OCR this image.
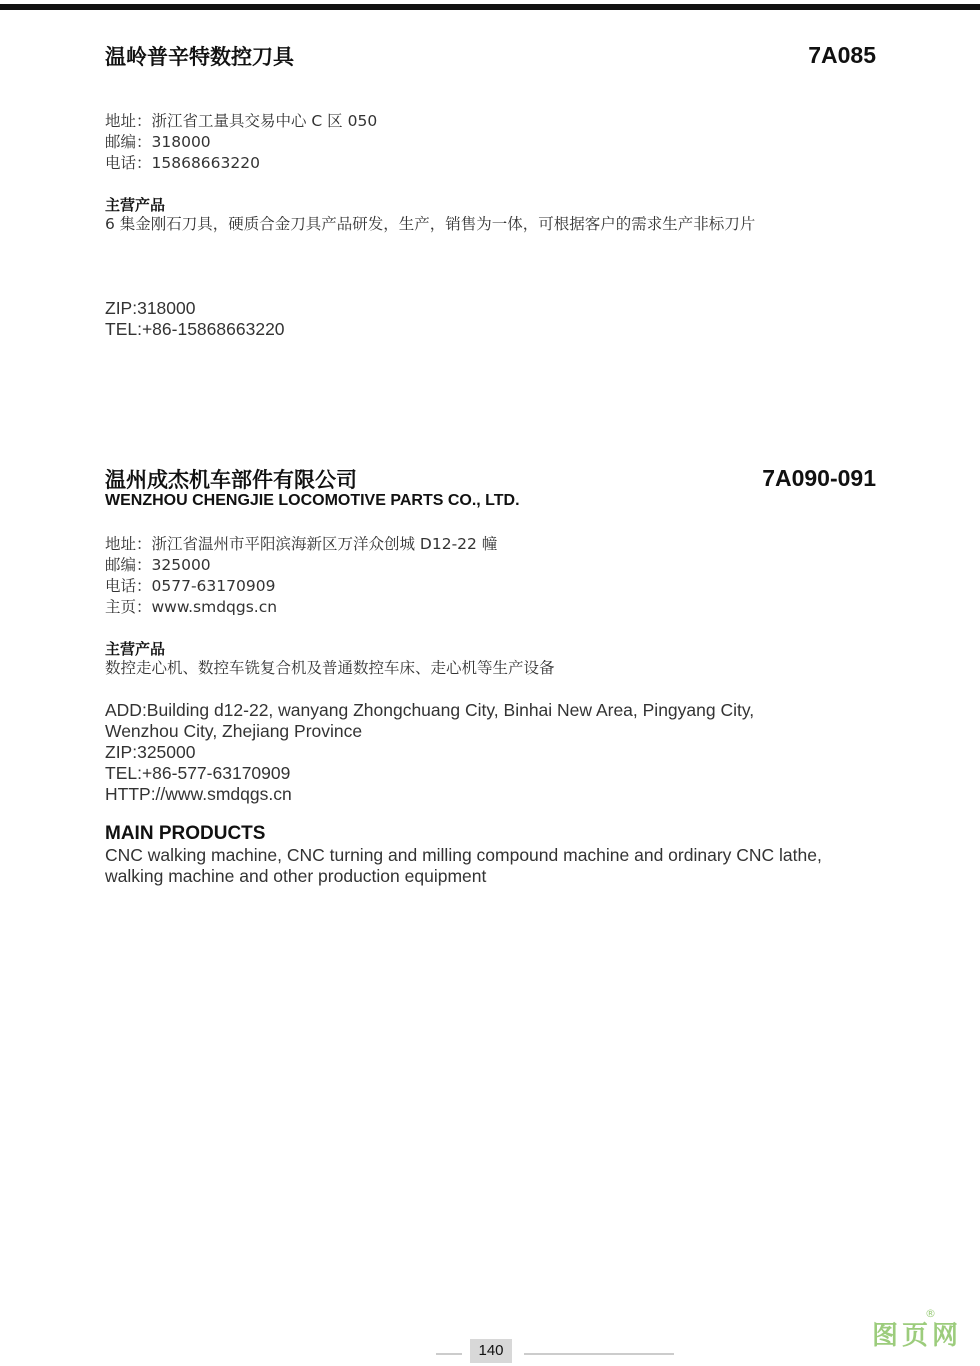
温岭普辛特数控刀具	7A085
地址：浙江省工量具交易中心 C 区 050
邮编：318000
电话：15868663220
主营产品
6 集金刚石刀具，硬质合金刀具产品研发，生产，销售为一体，可根据客户的需求生产非标刀片
ZIP:318000
TEL:+86-15868663220
温州成杰机车部件有限公司	7A090-091
WENZHOU CHENGJIE LOCOMOTIVE PARTS CO., LTD.
地址：浙江省温州市平阳滨海新区万洋众创城 D12-22 幢
邮编：325000
电话：0577-63170909
主页：www.smdqgs.cn
主营产品
数控走心机、数控车铣复合机及普通数控车床、走心机等生产设备
ADD:Building d12-22, wanyang Zhongchuang City, Binhai New Area, Pingyang City,
Wenzhou City, Zhejiang Province
ZIP:325000
TEL:+86-577-63170909
HTTP://www.smdqgs.cn
MAIN PRODUCTS
CNC walking machine, CNC turning and milling compound machine and ordinary CNC lathe,
walking machine and other production equipment
140	图页网
®
